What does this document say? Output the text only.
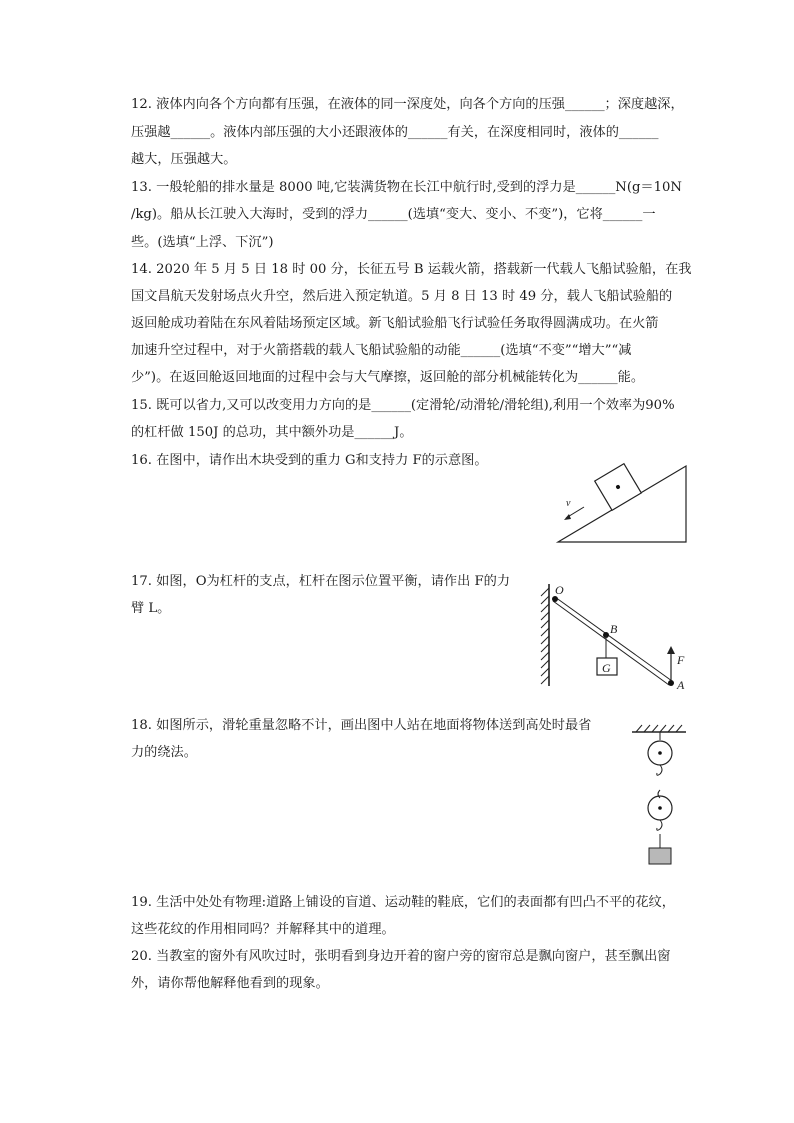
12. 液体内向各个方向都有压强，在液体的同一深度处，向各个方向的压强______；深度越深，
压强越______。液体内部压强的大小还跟液体的______有关，在深度相同时，液体的______
越大，压强越大。
13. 一般轮船的排水量是 8000 吨,它装满货物在长江中航行时,受到的浮力是______N(g＝10N
/kg)。船从长江驶入大海时，受到的浮力______(选填“变大、变小、不变”)，它将______一
些。(选填“上浮、下沉”)
14. 2020 年 5 月 5 日 18 时 00 分，长征五号 B 运载火箭，搭载新一代载人飞船试验船，在我
国文昌航天发射场点火升空，然后进入预定轨道。5 月 8 日 13 时 49 分，载人飞船试验船的
返回舱成功着陆在东风着陆场预定区域。新飞船试验船飞行试验任务取得圆满成功。在火箭
加速升空过程中，对于火箭搭载的载人飞船试验船的动能______(选填“不变”“增大”“减
少”)。在返回舱返回地面的过程中会与大气摩擦，返回舱的部分机械能转化为______能。
15. 既可以省力,又可以改变用力方向的是______(定滑轮/动滑轮/滑轮组),利用一个效率为90%
的杠杆做 150J 的总功，其中额外功是______J。
16. 在图中，请作出木块受到的重力 G和支持力 F的示意图。
v
17. 如图，O为杠杆的支点，杠杆在图示位置平衡，请作出 F的力
臂 L。
G
O
B
F
A
18. 如图所示，滑轮重量忽略不计，画出图中人站在地面将物体送到高处时最省
力的绕法。
19. 生活中处处有物理:道路上铺设的盲道、运动鞋的鞋底，它们的表面都有凹凸不平的花纹，
这些花纹的作用相同吗？并解释其中的道理。
20. 当教室的窗外有风吹过时，张明看到身边开着的窗户旁的窗帘总是飘向窗户，甚至飘出窗
外，请你帮他解释他看到的现象。
